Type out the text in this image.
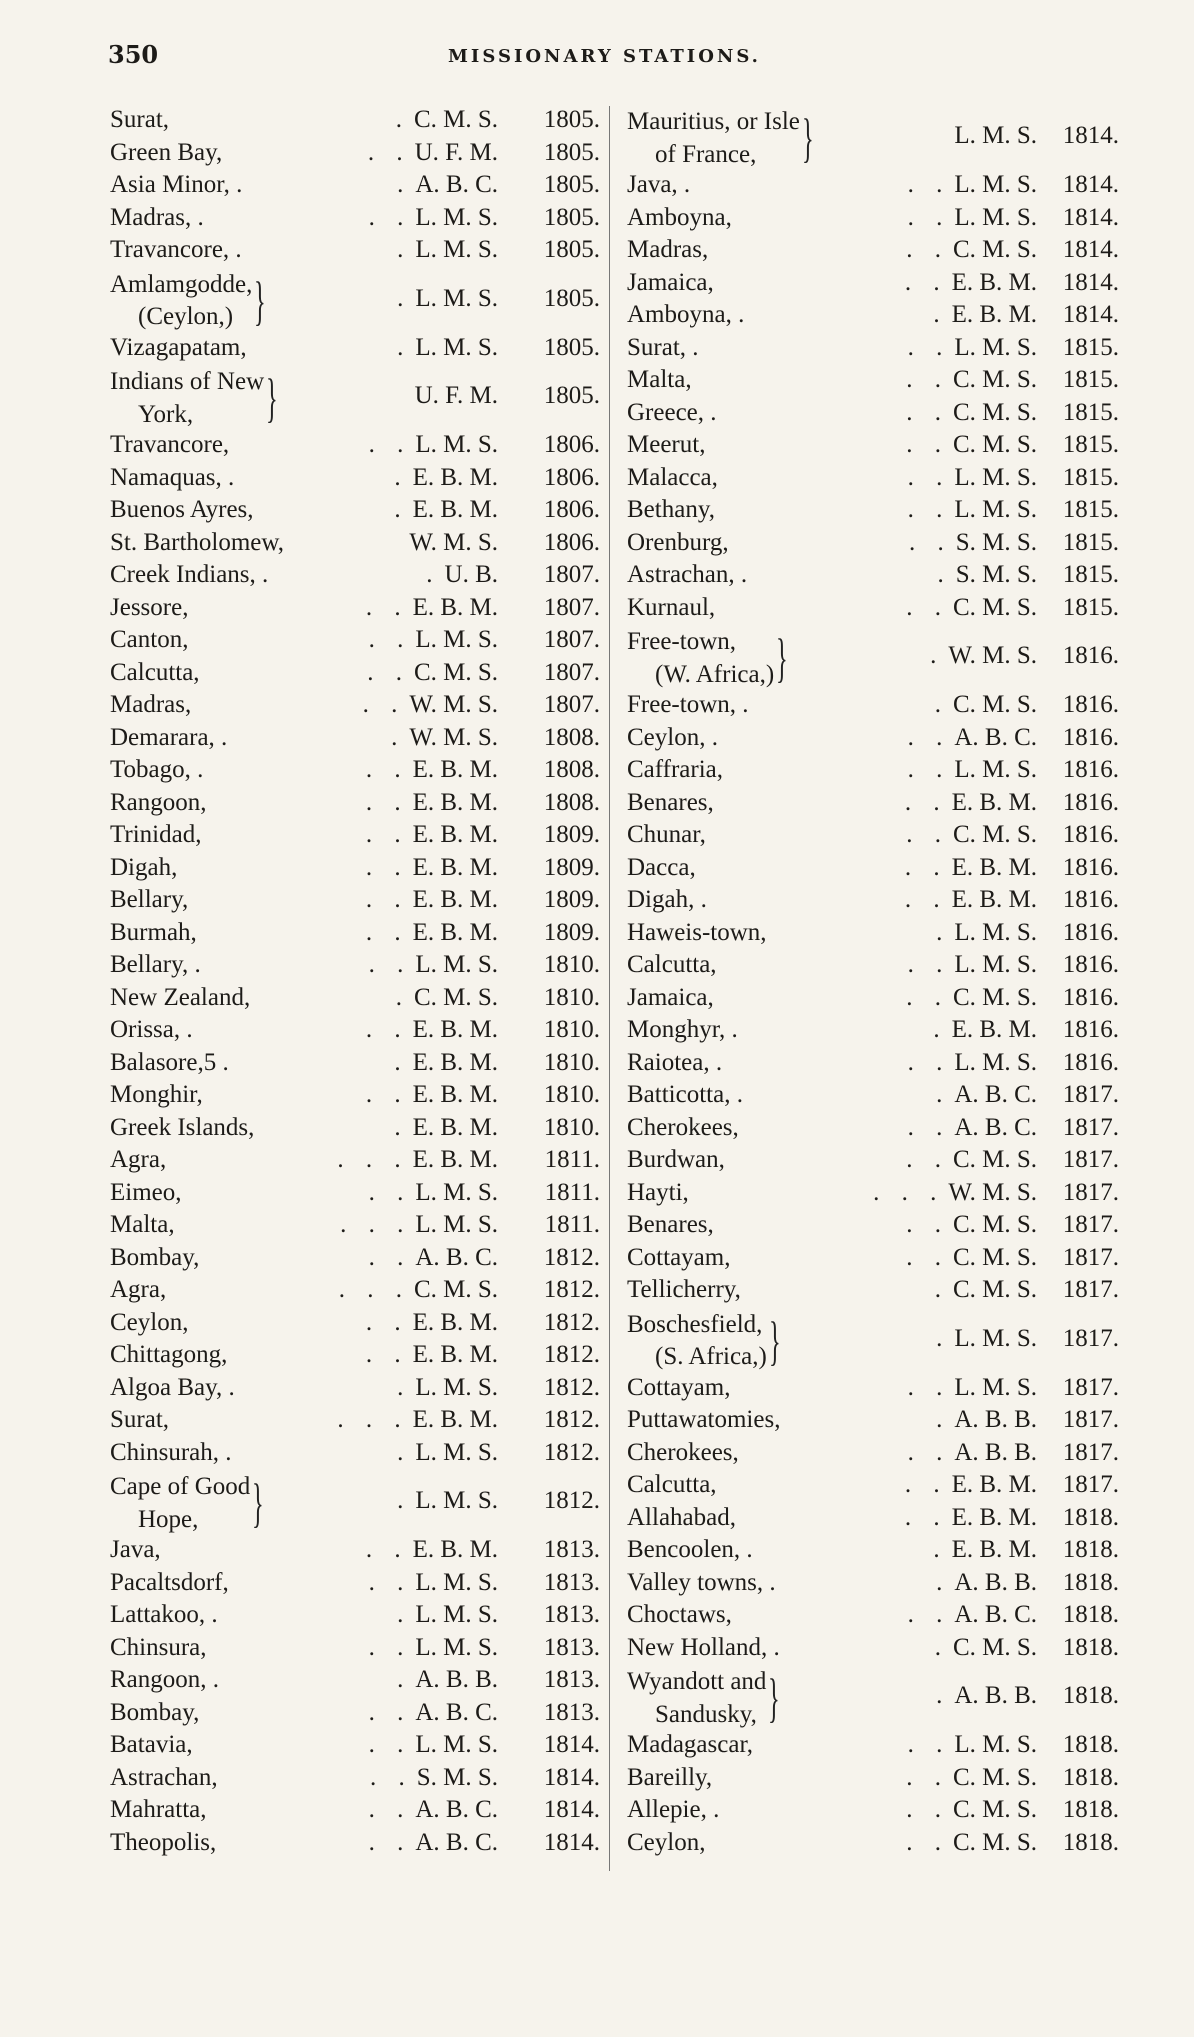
350	MISSIONARY STATIONS.
Surat,	. C. M. S. 1805.
Green Bay,	. . U. F. M. 1805.
Asia Minor, .	. A. B. C. 1805.
Madras, .	. . L. M. S. 1805.
Travancore, .	. L. M. S. 1805.
Amlamgodde,
(Ceylon,) }	. L. M. S. 1805.
Vizagapatam,	. L. M. S. 1805.
Indians of New
York,	}	U. F. M. 1805.
Travancore,	. . L. M. S. 1806.
Namaquas, .	. E. B. M. 1806.
Buenos Ayres,	. E. B. M. 1806.
St. Bartholomew,	W. M. S. 1806.
Creek Indians, .	. U. B. 1807.
Jessore,	. . E. B. M. 1807.
Canton,	. . L. M. S. 1807.
Calcutta,	. . C. M. S. 1807.
Madras,	. . W. M. S. 1807.
Demarara, .	. W. M. S. 1808.
Tobago, .	. . E. B. M. 1808.
Rangoon,	. . E. B. M. 1808.
Trinidad,	. . E. B. M. 1809.
Digah,	. . E. B. M. 1809.
Bellary,	. . E. B. M. 1809.
Burmah,	. . E. B. M. 1809.
Bellary, .	. . L. M. S. 1810.
New Zealand,	. C. M. S. 1810.
Orissa, .	. . E. B. M. 1810.
Balasore,5 .	. E. B. M. 1810.
Monghir,	. . E. B. M. 1810.
Greek Islands,	. E. B. M. 1810.
Agra,	. . . E. B. M. 1811.
Eimeo,	. . L. M. S. 1811.
Malta,	. . . L. M. S. 1811.
Bombay,	. . A. B. C. 1812.
Agra,	. . . C. M. S. 1812.
Ceylon,	. . E. B. M. 1812.
Chittagong,	. . E. B. M. 1812.
Algoa Bay, .	. L. M. S. 1812.
Surat,	. . . E. B. M. 1812.
Chinsurah, .	. L. M. S. 1812.
Cape of Good
Hope, }	. L. M. S. 1812.
Java,	. . E. B. M. 1813.
Pacaltsdorf,	. . L. M. S. 1813.
Lattakoo, .	. L. M. S. 1813.
Chinsura,	. . L. M. S. 1813.
Rangoon, .	. A. B. B. 1813.
Bombay,	. . A. B. C. 1813.
Batavia,	. . L. M. S. 1814.
Astrachan,	. . S. M. S. 1814.
Mahratta,	. . A. B. C. 1814.
Theopolis,	. . A. B. C. 1814.
Mauritius, or Isle
of France, }	L. M. S. 1814.
Java, .	. . L. M. S. 1814.
Amboyna,	. . L. M. S. 1814.
Madras,	. . C. M. S. 1814.
Jamaica,	. . E. B. M. 1814.
Amboyna, .	. E. B. M. 1814.
Surat, .	. . L. M. S. 1815.
Malta,	. . C. M. S. 1815.
Greece, .	. . C. M. S. 1815.
Meerut,	. . C. M. S. 1815.
Malacca,	. . L. M. S. 1815.
Bethany,	. . L. M. S. 1815.
Orenburg,	. . S. M. S. 1815.
Astrachan, .	. S. M. S. 1815.
Kurnaul,	. . C. M. S. 1815.
Free-town,
(W. Africa,) }	. W. M. S. 1816.
Free-town, .	. C. M. S. 1816.
Ceylon, .	. . A. B. C. 1816.
Caffraria,	. . L. M. S. 1816.
Benares,	. . E. B. M. 1816.
Chunar,	. . C. M. S. 1816.
Dacca,	. . E. B. M. 1816.
Digah, .	. . E. B. M. 1816.
Haweis-town,	. L. M. S. 1816.
Calcutta,	. . L. M. S. 1816.
Jamaica,	. . C. M. S. 1816.
Monghyr, .	. E. B. M. 1816.
Raiotea, .	. . L. M. S. 1816.
Batticotta, .	. A. B. C. 1817.
Cherokees,	. . A. B. C. 1817.
Burdwan,	. . C. M. S. 1817.
Hayti,	. . . W. M. S. 1817.
Benares,	. . C. M. S. 1817.
Cottayam,	. . C. M. S. 1817.
Tellicherry,	. C. M. S. 1817.
Boschesfield,
(S. Africa,) }	. L. M. S. 1817.
Cottayam,	. . L. M. S. 1817.
Puttawatomies,	. A. B. B. 1817.
Cherokees,	. . A. B. B. 1817.
Calcutta,	. . E. B. M. 1817.
Allahabad,	. . E. B. M. 1818.
Bencoolen, .	. E. B. M. 1818.
Valley towns, .	. A. B. B. 1818.
Choctaws,	. . A. B. C. 1818.
New Holland, .	. C. M. S. 1818.
Wyandott and
Sandusky, }	. A. B. B. 1818.
Madagascar,	. . L. M. S. 1818.
Bareilly,	. . C. M. S. 1818.
Allepie, .	. . C. M. S. 1818.
Ceylon,	. . C. M. S. 1818.
